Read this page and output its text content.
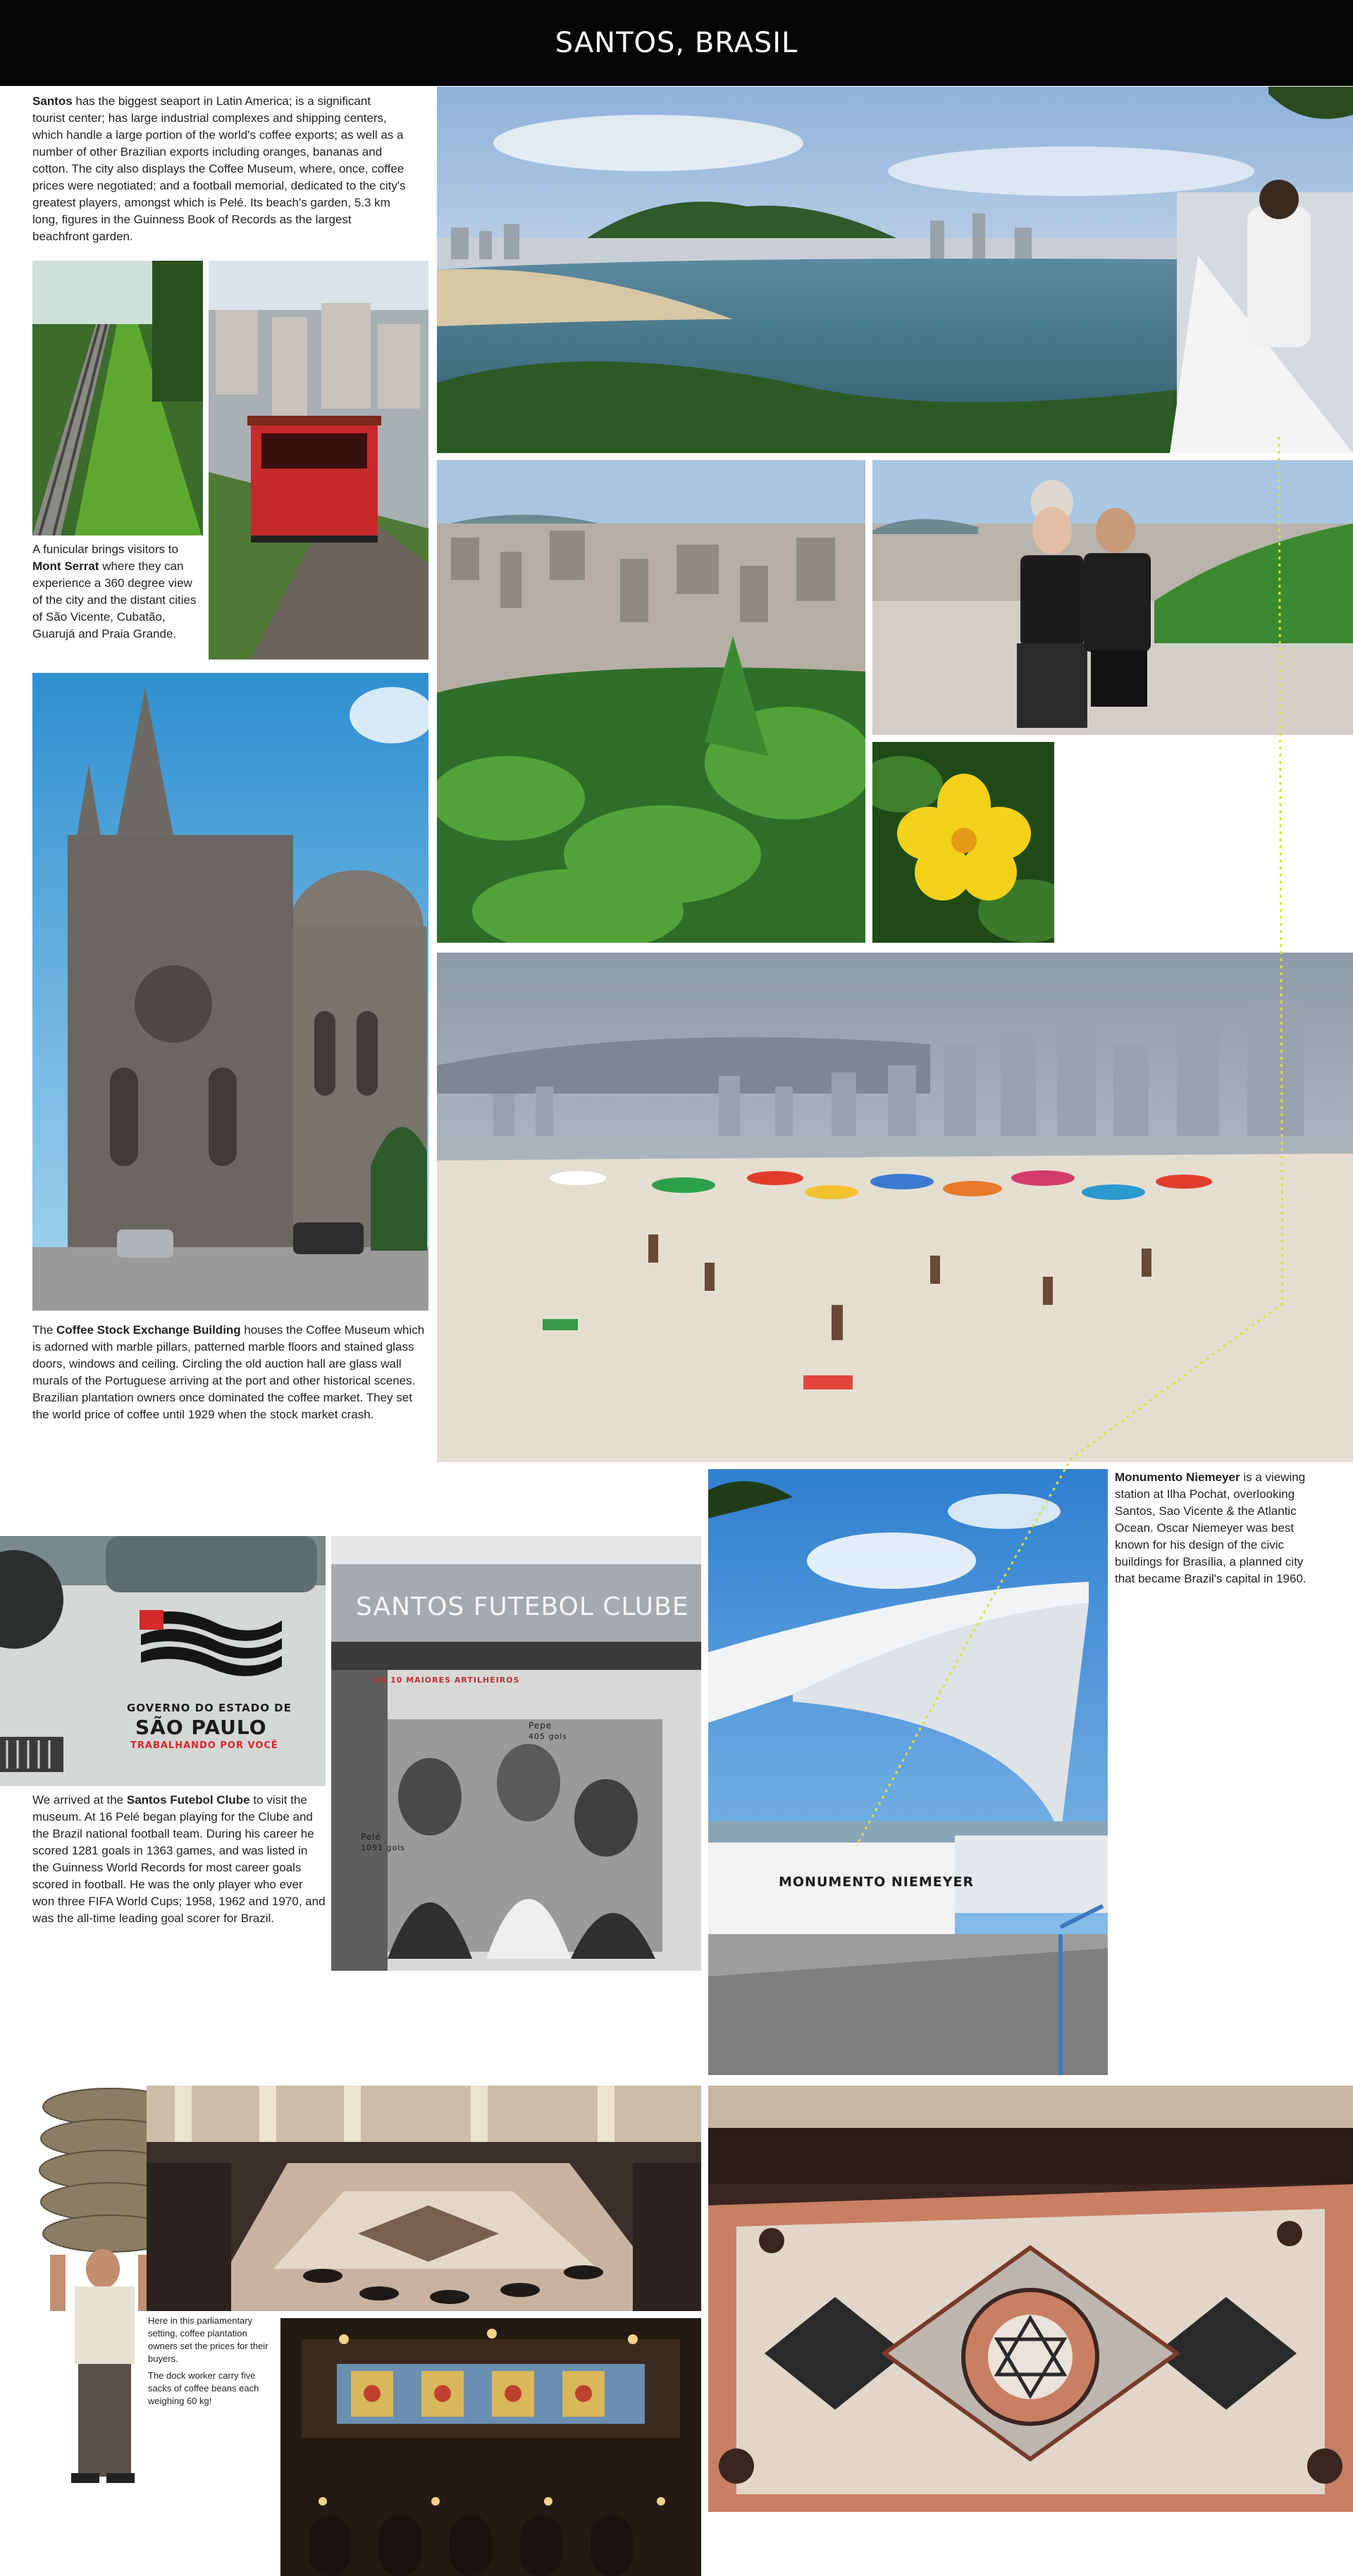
SANTOS, BRASIL
Santos has the biggest seaport in Latin America; is a significant tourist center; has large industrial complexes and shipping centers, which handle a large portion of the world's coffee exports; as well as a number of other Brazilian exports including oranges, bananas and cotton. The city also displays the Coffee Museum, where, once, coffee prices were negotiated; and a football memorial, dedicated to the city's greatest players, amongst which is Pelé. Its beach's garden, 5.3 km long, figures in the Guinness Book of Records as the largest beachfront garden.
A funicular brings visitors to Mont Serrat where they can experience a 360 degree view of the city and the distant cities of São Vicente, Cubatão, Guarujá and Praia Grande.
The Coffee Stock Exchange Building houses the Coffee Museum which is adorned with marble pillars, patterned marble floors and stained glass doors, windows and ceiling. Circling the old auction hall are glass wall murals of the Portuguese arriving at the port and other historical scenes. Brazilian plantation owners once dominated the coffee market. They set the world price of coffee until 1929 when the stock market crash.
Monumento Niemeyer is a viewing station at Ilha Pochat, overlooking Santos, Sao Vicente & the Atlantic Ocean. Oscar Niemeyer was best known for his design of the civic buildings for Brasília, a planned city that became Brazil's capital in 1960.
GOVERNO DO ESTADO DE
SÃO PAULO
TRABALHANDO POR VOCÊ
We arrived at the Santos Futebol Clube to visit the museum. At 16 Pelé began playing for the Clube and the Brazil national football team. During his career he scored 1281 goals in 1363 games, and was listed in the Guinness World Records for most career goals scored in football. He was the only player who ever won three FIFA World Cups; 1958, 1962 and 1970, and was the all-time leading goal scorer for Brazil.
SANTOS FUTEBOL CLUBE
OS 10 MAIORES ARTILHEIROS
Pepe
405 gols
Pelé
1091 gols
MONUMENTO NIEMEYER
Here in this parliamentary setting, coffee plantation owners set the prices for their buyers.
The dock worker carry five sacks of coffee beans each weighing 60 kg!
